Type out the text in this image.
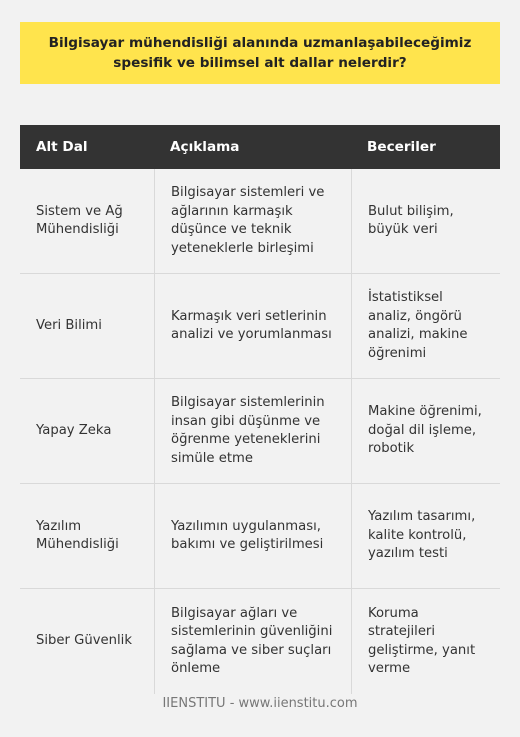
Bilgisayar mühendisliği alanında uzmanlaşabileceğimiz spesifik ve bilimsel alt dallar nelerdir?
Alt Dal	Açıklama	Beceriler
Sistem ve Ağ Mühendisliği
Bilgisayar sistemleri ve ağlarının karmaşık düşünce ve teknik yeteneklerle birleşimi
Bulut bilişim, büyük veri
Veri Bilimi
Karmaşık veri setlerinin analizi ve yorumlanması
İstatistiksel analiz, öngörü analizi, makine öğrenimi
Yapay Zeka
Bilgisayar sistemlerinin insan gibi düşünme ve öğrenme yeteneklerini simüle etme
Makine öğrenimi, doğal dil işleme, robotik
Yazılım Mühendisliği
Yazılımın uygulanması, bakımı ve geliştirilmesi
Yazılım tasarımı, kalite kontrolü, yazılım testi
Siber Güvenlik
Bilgisayar ağları ve sistemlerinin güvenliğini sağlama ve siber suçları önleme
Koruma stratejileri geliştirme, yanıt verme
IIENSTITU - www.iienstitu.com
